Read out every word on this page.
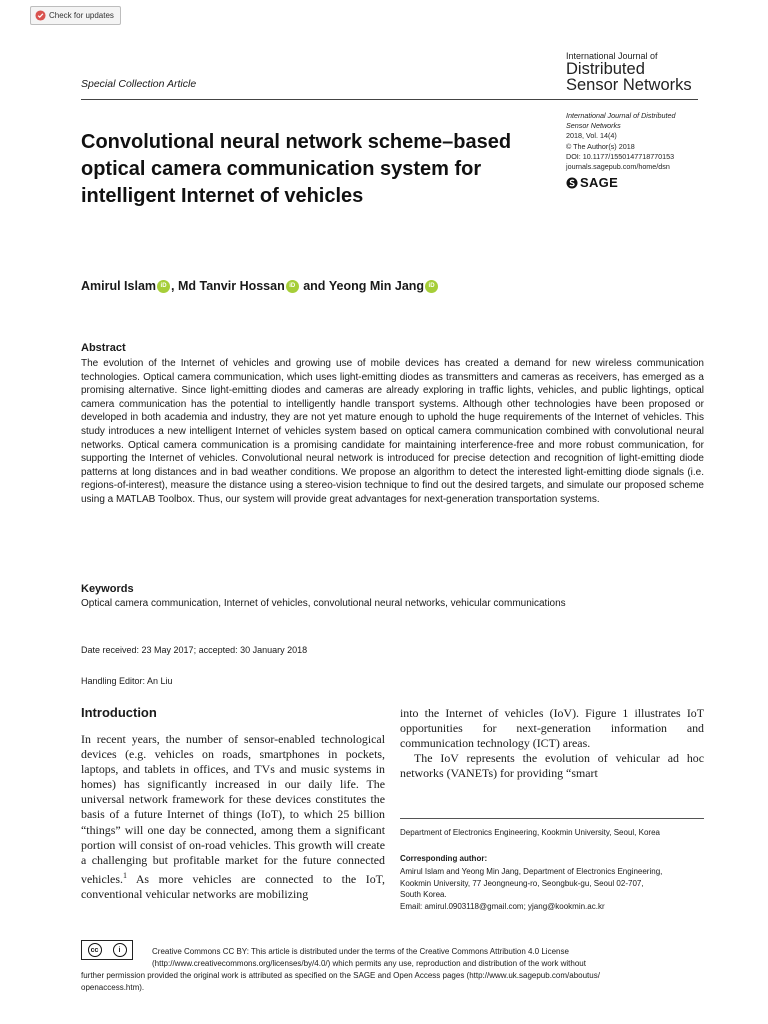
Check for updates
International Journal of
Distributed
Sensor Networks
Special Collection Article
International Journal of Distributed
Sensor Networks
2018, Vol. 14(4)
© The Author(s) 2018
DOI: 10.1177/1550147718770153
journals.sagepub.com/home/dsn
SAGE
Convolutional neural network scheme–based optical camera communication system for intelligent Internet of vehicles
Amirul Islam iD , Md Tanvir Hossan iD and Yeong Min Jang iD
Abstract
The evolution of the Internet of vehicles and growing use of mobile devices has created a demand for new wireless communication technologies. Optical camera communication, which uses light-emitting diodes as transmitters and cameras as receivers, has emerged as a promising alternative. Since light-emitting diodes and cameras are already exploring in traffic lights, vehicles, and public lightings, optical camera communication has the potential to intelligently handle transport systems. Although other technologies have been proposed or developed in both academia and industry, they are not yet mature enough to uphold the huge requirements of the Internet of vehicles. This study introduces a new intelligent Internet of vehicles system based on optical camera communication combined with convolutional neural networks. Optical camera communication is a promising candidate for maintaining interference-free and more robust communication, for supporting the Internet of vehicles. Convolutional neural network is introduced for precise detection and recognition of light-emitting diode patterns at long distances and in bad weather conditions. We propose an algorithm to detect the interested light-emitting diode signals (i.e. regions-of-interest), measure the distance using a stereo-vision technique to find out the desired targets, and simulate our proposed scheme using a MATLAB Toolbox. Thus, our system will provide great advantages for next-generation transportation systems.
Keywords
Optical camera communication, Internet of vehicles, convolutional neural networks, vehicular communications
Date received: 23 May 2017; accepted: 30 January 2018
Handling Editor: An Liu
Introduction

In recent years, the number of sensor-enabled technological devices (e.g. vehicles on roads, smartphones in pockets, laptops, and tablets in offices, and TVs and music systems in homes) has significantly increased in our daily life. The universal network framework for these devices constitutes the basis of a future Internet of things (IoT), to which 25 billion “things” will one day be connected, among them a significant portion will consist of on-road vehicles. This growth will create a challenging but profitable market for the future connected vehicles.$^1$ As more vehicles are connected to the IoT, conventional vehicular networks are mobilizing

into the Internet of vehicles (IoV). Figure 1 illustrates IoT opportunities for next-generation information and communication technology (ICT) areas.

The IoV represents the evolution of vehicular ad hoc networks (VANETs) for providing “smart

Department of Electronics Engineering, Kookmin University, Seoul, Korea
Corresponding author:
Amirul Islam and Yeong Min Jang, Department of Electronics Engineering,
Kookmin University, 77 Jeongneung-ro, Seongbuk-gu, Seoul 02-707,
South Korea.
Email: amirul.0903118@gmail.com; yjang@kookmin.ac.kr
cc	i	Creative Commons CC BY: This article is distributed under the terms of the Creative Commons Attribution 4.0 License
(http://www.creativecommons.org/licenses/by/4.0/) which permits any use, reproduction and distribution of the work without
further permission provided the original work is attributed as specified on the SAGE and Open Access pages (http://www.uk.sagepub.com/aboutus/
openaccess.htm).
